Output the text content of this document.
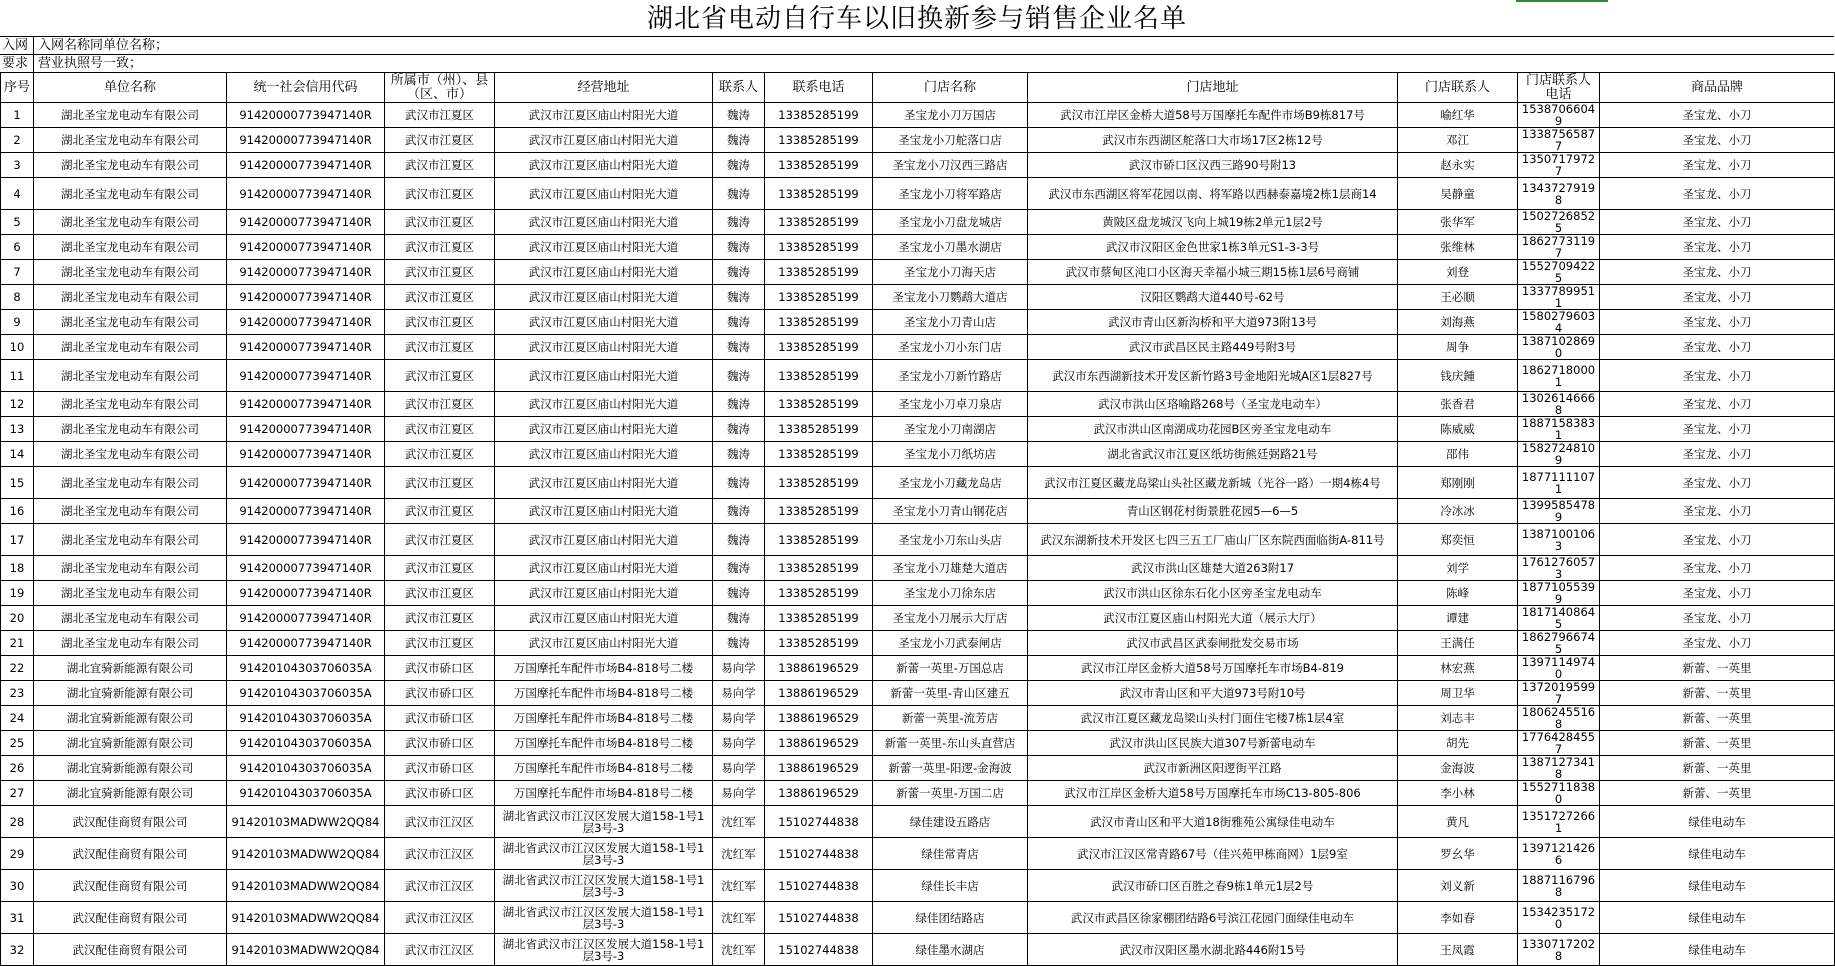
湖北省电动自行车以旧换新参与销售企业名单
入网 入网名称同单位名称；
要求 营业执照号一致；
序号	单位名称	统一社会信用代码	所属市（州）、县（区、市）	经营地址	联系人	联系电话	门店名称	门店地址	门店联系人	门店联系人电话	商品品牌
1	湖北圣宝龙电动车有限公司	91420000773947140R	武汉市江夏区	武汉市江夏区庙山村阳光大道	魏涛	13385285199	圣宝龙小刀万国店	武汉市江岸区金桥大道58号万国摩托车配件市场B9栋817号	喻红华	15387066049	圣宝龙、小刀
2	湖北圣宝龙电动车有限公司	91420000773947140R	武汉市江夏区	武汉市江夏区庙山村阳光大道	魏涛	13385285199	圣宝龙小刀舵落口店	武汉市东西湖区舵落口大市场17区2栋12号	邓江	13387565877	圣宝龙、小刀
3	湖北圣宝龙电动车有限公司	91420000773947140R	武汉市江夏区	武汉市江夏区庙山村阳光大道	魏涛	13385285199	圣宝龙小刀汉西三路店	武汉市硚口区汉西三路90号附13	赵永实	13507179727	圣宝龙、小刀
4	湖北圣宝龙电动车有限公司	91420000773947140R	武汉市江夏区	武汉市江夏区庙山村阳光大道	魏涛	13385285199	圣宝龙小刀将军路店	武汉市东西湖区将军花园以南、将军路以西赫泰嘉境2栋1层商14	吴静童	13437279198	圣宝龙、小刀
5	湖北圣宝龙电动车有限公司	91420000773947140R	武汉市江夏区	武汉市江夏区庙山村阳光大道	魏涛	13385285199	圣宝龙小刀盘龙城店	黄陂区盘龙城汉飞向上城19栋2单元1层2号	张华军	15027268525	圣宝龙、小刀
6	湖北圣宝龙电动车有限公司	91420000773947140R	武汉市江夏区	武汉市江夏区庙山村阳光大道	魏涛	13385285199	圣宝龙小刀墨水湖店	武汉市汉阳区金色世家1栋3单元S1-3-3号	张维林	18627731197	圣宝龙、小刀
7	湖北圣宝龙电动车有限公司	91420000773947140R	武汉市江夏区	武汉市江夏区庙山村阳光大道	魏涛	13385285199	圣宝龙小刀海天店	武汉市蔡甸区沌口小区海天幸福小城三期15栋1层6号商铺	刘登	15527094225	圣宝龙、小刀
8	湖北圣宝龙电动车有限公司	91420000773947140R	武汉市江夏区	武汉市江夏区庙山村阳光大道	魏涛	13385285199	圣宝龙小刀鹦鹉大道店	汉阳区鹦鹉大道440号-62号	王必顺	13377899511	圣宝龙、小刀
9	湖北圣宝龙电动车有限公司	91420000773947140R	武汉市江夏区	武汉市江夏区庙山村阳光大道	魏涛	13385285199	圣宝龙小刀青山店	武汉市青山区新沟桥和平大道973附13号	刘海燕	15802796034	圣宝龙、小刀
10	湖北圣宝龙电动车有限公司	91420000773947140R	武汉市江夏区	武汉市江夏区庙山村阳光大道	魏涛	13385285199	圣宝龙小刀小东门店	武汉市武昌区民主路449号附3号	周争	13871028690	圣宝龙、小刀
11	湖北圣宝龙电动车有限公司	91420000773947140R	武汉市江夏区	武汉市江夏区庙山村阳光大道	魏涛	13385285199	圣宝龙小刀新竹路店	武汉市东西湖新技术开发区新竹路3号金地阳光城A区1层827号	钱庆鍾	18627180001	圣宝龙、小刀
12	湖北圣宝龙电动车有限公司	91420000773947140R	武汉市江夏区	武汉市江夏区庙山村阳光大道	魏涛	13385285199	圣宝龙小刀卓刀泉店	武汉市洪山区珞喻路268号（圣宝龙电动车）	张香君	13026146668	圣宝龙、小刀
13	湖北圣宝龙电动车有限公司	91420000773947140R	武汉市江夏区	武汉市江夏区庙山村阳光大道	魏涛	13385285199	圣宝龙小刀南湖店	武汉市洪山区南湖成功花园B区旁圣宝龙电动车	陈威威	18871583831	圣宝龙、小刀
14	湖北圣宝龙电动车有限公司	91420000773947140R	武汉市江夏区	武汉市江夏区庙山村阳光大道	魏涛	13385285199	圣宝龙小刀纸坊店	湖北省武汉市江夏区纸坊街熊廷弼路21号	邵伟	15827248109	圣宝龙、小刀
15	湖北圣宝龙电动车有限公司	91420000773947140R	武汉市江夏区	武汉市江夏区庙山村阳光大道	魏涛	13385285199	圣宝龙小刀藏龙岛店	武汉市江夏区藏龙岛梁山头社区藏龙新城（光谷一路）一期4栋4号	郑刚刚	18771111071	圣宝龙、小刀
16	湖北圣宝龙电动车有限公司	91420000773947140R	武汉市江夏区	武汉市江夏区庙山村阳光大道	魏涛	13385285199	圣宝龙小刀青山钢花店	青山区钢花村街景胜花园5—6—5	冷冰冰	13995854789	圣宝龙、小刀
17	湖北圣宝龙电动车有限公司	91420000773947140R	武汉市江夏区	武汉市江夏区庙山村阳光大道	魏涛	13385285199	圣宝龙小刀东山头店	武汉东湖新技术开发区七四三五工厂庙山厂区东院西面临街A-811号	郑奕恒	13871001063	圣宝龙、小刀
18	湖北圣宝龙电动车有限公司	91420000773947140R	武汉市江夏区	武汉市江夏区庙山村阳光大道	魏涛	13385285199	圣宝龙小刀雄楚大道店	武汉市洪山区雄楚大道263附17	刘学	17612760573	圣宝龙、小刀
19	湖北圣宝龙电动车有限公司	91420000773947140R	武汉市江夏区	武汉市江夏区庙山村阳光大道	魏涛	13385285199	圣宝龙小刀徐东店	武汉市洪山区徐东石化小区旁圣宝龙电动车	陈峰	18771055399	圣宝龙、小刀
20	湖北圣宝龙电动车有限公司	91420000773947140R	武汉市江夏区	武汉市江夏区庙山村阳光大道	魏涛	13385285199	圣宝龙小刀展示大厅店	武汉市江夏区庙山村阳光大道（展示大厅）	谭建	18171408645	圣宝龙、小刀
21	湖北圣宝龙电动车有限公司	91420000773947140R	武汉市江夏区	武汉市江夏区庙山村阳光大道	魏涛	13385285199	圣宝龙小刀武泰闸店	武汉市武昌区武泰闸批发交易市场	王满任	18627966745	圣宝龙、小刀
22	湖北宜骑新能源有限公司	91420104303706035A	武汉市硚口区	万国摩托车配件市场B4-818号二楼	易向学	13886196529	新蕾一英里-万国总店	武汉市江岸区金桥大道58号万国摩托车市场B4-819	林宏燕	13971149740	新蕾、一英里
23	湖北宜骑新能源有限公司	91420104303706035A	武汉市硚口区	万国摩托车配件市场B4-818号二楼	易向学	13886196529	新蕾一英里-青山区建五	武汉市青山区和平大道973号附10号	周卫华	13720195997	新蕾、一英里
24	湖北宜骑新能源有限公司	91420104303706035A	武汉市硚口区	万国摩托车配件市场B4-818号二楼	易向学	13886196529	新蕾一英里-流芳店	武汉市江夏区藏龙岛梁山头村门面住宅楼7栋1层4室	刘志丰	18062455168	新蕾、一英里
25	湖北宜骑新能源有限公司	91420104303706035A	武汉市硚口区	万国摩托车配件市场B4-818号二楼	易向学	13886196529	新蕾一英里-东山头直营店	武汉市洪山区民族大道307号新蕾电动车	胡先	17764284557	新蕾、一英里
26	湖北宜骑新能源有限公司	91420104303706035A	武汉市硚口区	万国摩托车配件市场B4-818号二楼	易向学	13886196529	新蕾一英里-阳逻-金海波	武汉市新洲区阳逻街平江路	金海波	13871273418	新蕾、一英里
27	湖北宜骑新能源有限公司	91420104303706035A	武汉市硚口区	万国摩托车配件市场B4-818号二楼	易向学	13886196529	新蕾一英里-万国二店	武汉市江岸区金桥大道58号万国摩托车市场C13-805-806	李小林	15527118380	新蕾、一英里
28	武汉配佳商贸有限公司	91420103MADWW2QQ84	武汉市江汉区	湖北省武汉市江汉区发展大道158-1号1层3号-3	沈红军	15102744838	绿佳建设五路店	武汉市青山区和平大道18街雅苑公寓绿佳电动车	黄凡	13517272661	绿佳电动车
29	武汉配佳商贸有限公司	91420103MADWW2QQ84	武汉市江汉区	湖北省武汉市江汉区发展大道158-1号1层3号-3	沈红军	15102744838	绿佳常青店	武汉市江汉区常青路67号（佳兴苑甲栋商网）1层9室	罗幺华	13971214266	绿佳电动车
30	武汉配佳商贸有限公司	91420103MADWW2QQ84	武汉市江汉区	湖北省武汉市江汉区发展大道158-1号1层3号-3	沈红军	15102744838	绿佳长丰店	武汉市硚口区百胜之春9栋1单元1层2号	刘义新	18871167968	绿佳电动车
31	武汉配佳商贸有限公司	91420103MADWW2QQ84	武汉市江汉区	湖北省武汉市江汉区发展大道158-1号1层3号-3	沈红军	15102744838	绿佳团结路店	武汉市武昌区徐家棚团结路6号滨江花园门面绿佳电动车	李如春	15342351720	绿佳电动车
32	武汉配佳商贸有限公司	91420103MADWW2QQ84	武汉市江汉区	湖北省武汉市江汉区发展大道158-1号1层3号-3	沈红军	15102744838	绿佳墨水湖店	武汉市汉阳区墨水湖北路446附15号	王凤霞	13307172028	绿佳电动车
